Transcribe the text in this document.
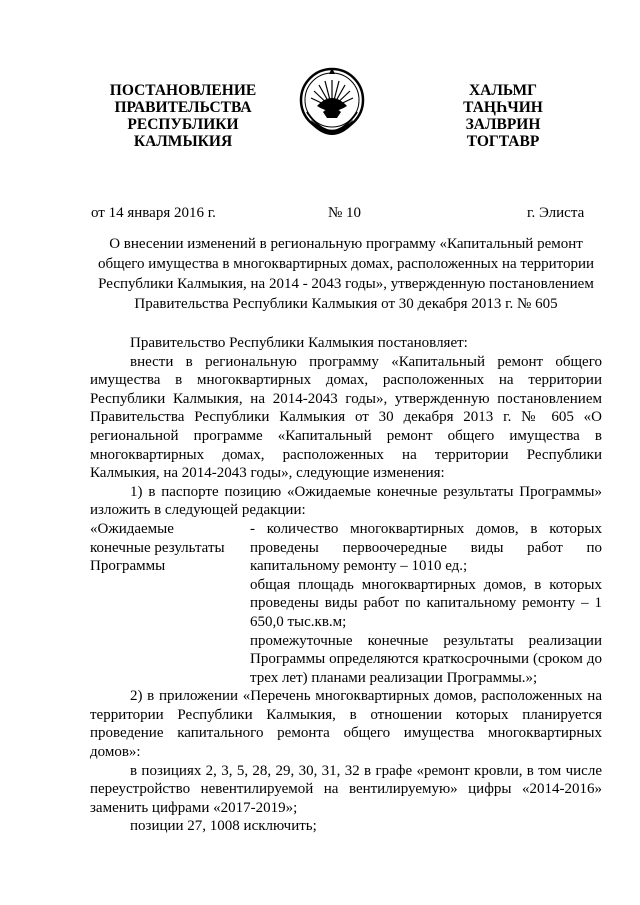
ПОСТАНОВЛЕНИЕ
ПРАВИТЕЛЬСТВА
РЕСПУБЛИКИ
КАЛМЫКИЯ
ХАЛЬМГ
ТАҢҺЧИН
ЗАЛВРИН
ТОГТАВР
от 14 января 2016 г.	№ 10	г. Элиста
О внесении изменений в региональную программу «Капитальный ремонт
общего имущества в многоквартирных домах, расположенных на территории
Республики Калмыкия, на 2014 - 2043 годы», утвержденную постановлением
Правительства Республики Калмыкия от 30 декабря 2013 г. № 605

Правительство Республики Калмыкия постановляет:

внести в региональную программу «Капитальный ремонт общего имущества в многоквартирных домах, расположенных на территории Республики Калмыкия, на 2014-2043 годы», утвержденную постановлением Правительства Республики Калмыкия от 30 декабря 2013 г. № 605 «О региональной программе «Капитальный ремонт общего имущества в многоквартирных домах, расположенных на территории Республики Калмыкия, на 2014-2043 годы», следующие изменения:

1) в паспорте позицию «Ожидаемые конечные результаты Программы» изложить в следующей редакции:

«Ожидаемые
конечные результаты
Программы

- количество многоквартирных домов, в которых проведены первоочередные виды работ по капитальному ремонту – 1010 ед.;

общая площадь многоквартирных домов, в которых проведены виды работ по капитальному ремонту – 1 650,0 тыс.кв.м;

промежуточные конечные результаты реализации Программы определяются краткосрочными (сроком до трех лет) планами реализации Программы.»;

2) в приложении «Перечень многоквартирных домов, расположенных на территории Республики Калмыкия, в отношении которых планируется проведение капитального ремонта общего имущества многоквартирных домов»:

в позициях 2, 3, 5, 28, 29, 30, 31, 32 в графе «ремонт кровли, в том числе переустройство невентилируемой на вентилируемую» цифры «2014-2016» заменить цифрами «2017-2019»;

позиции 27, 1008 исключить;
